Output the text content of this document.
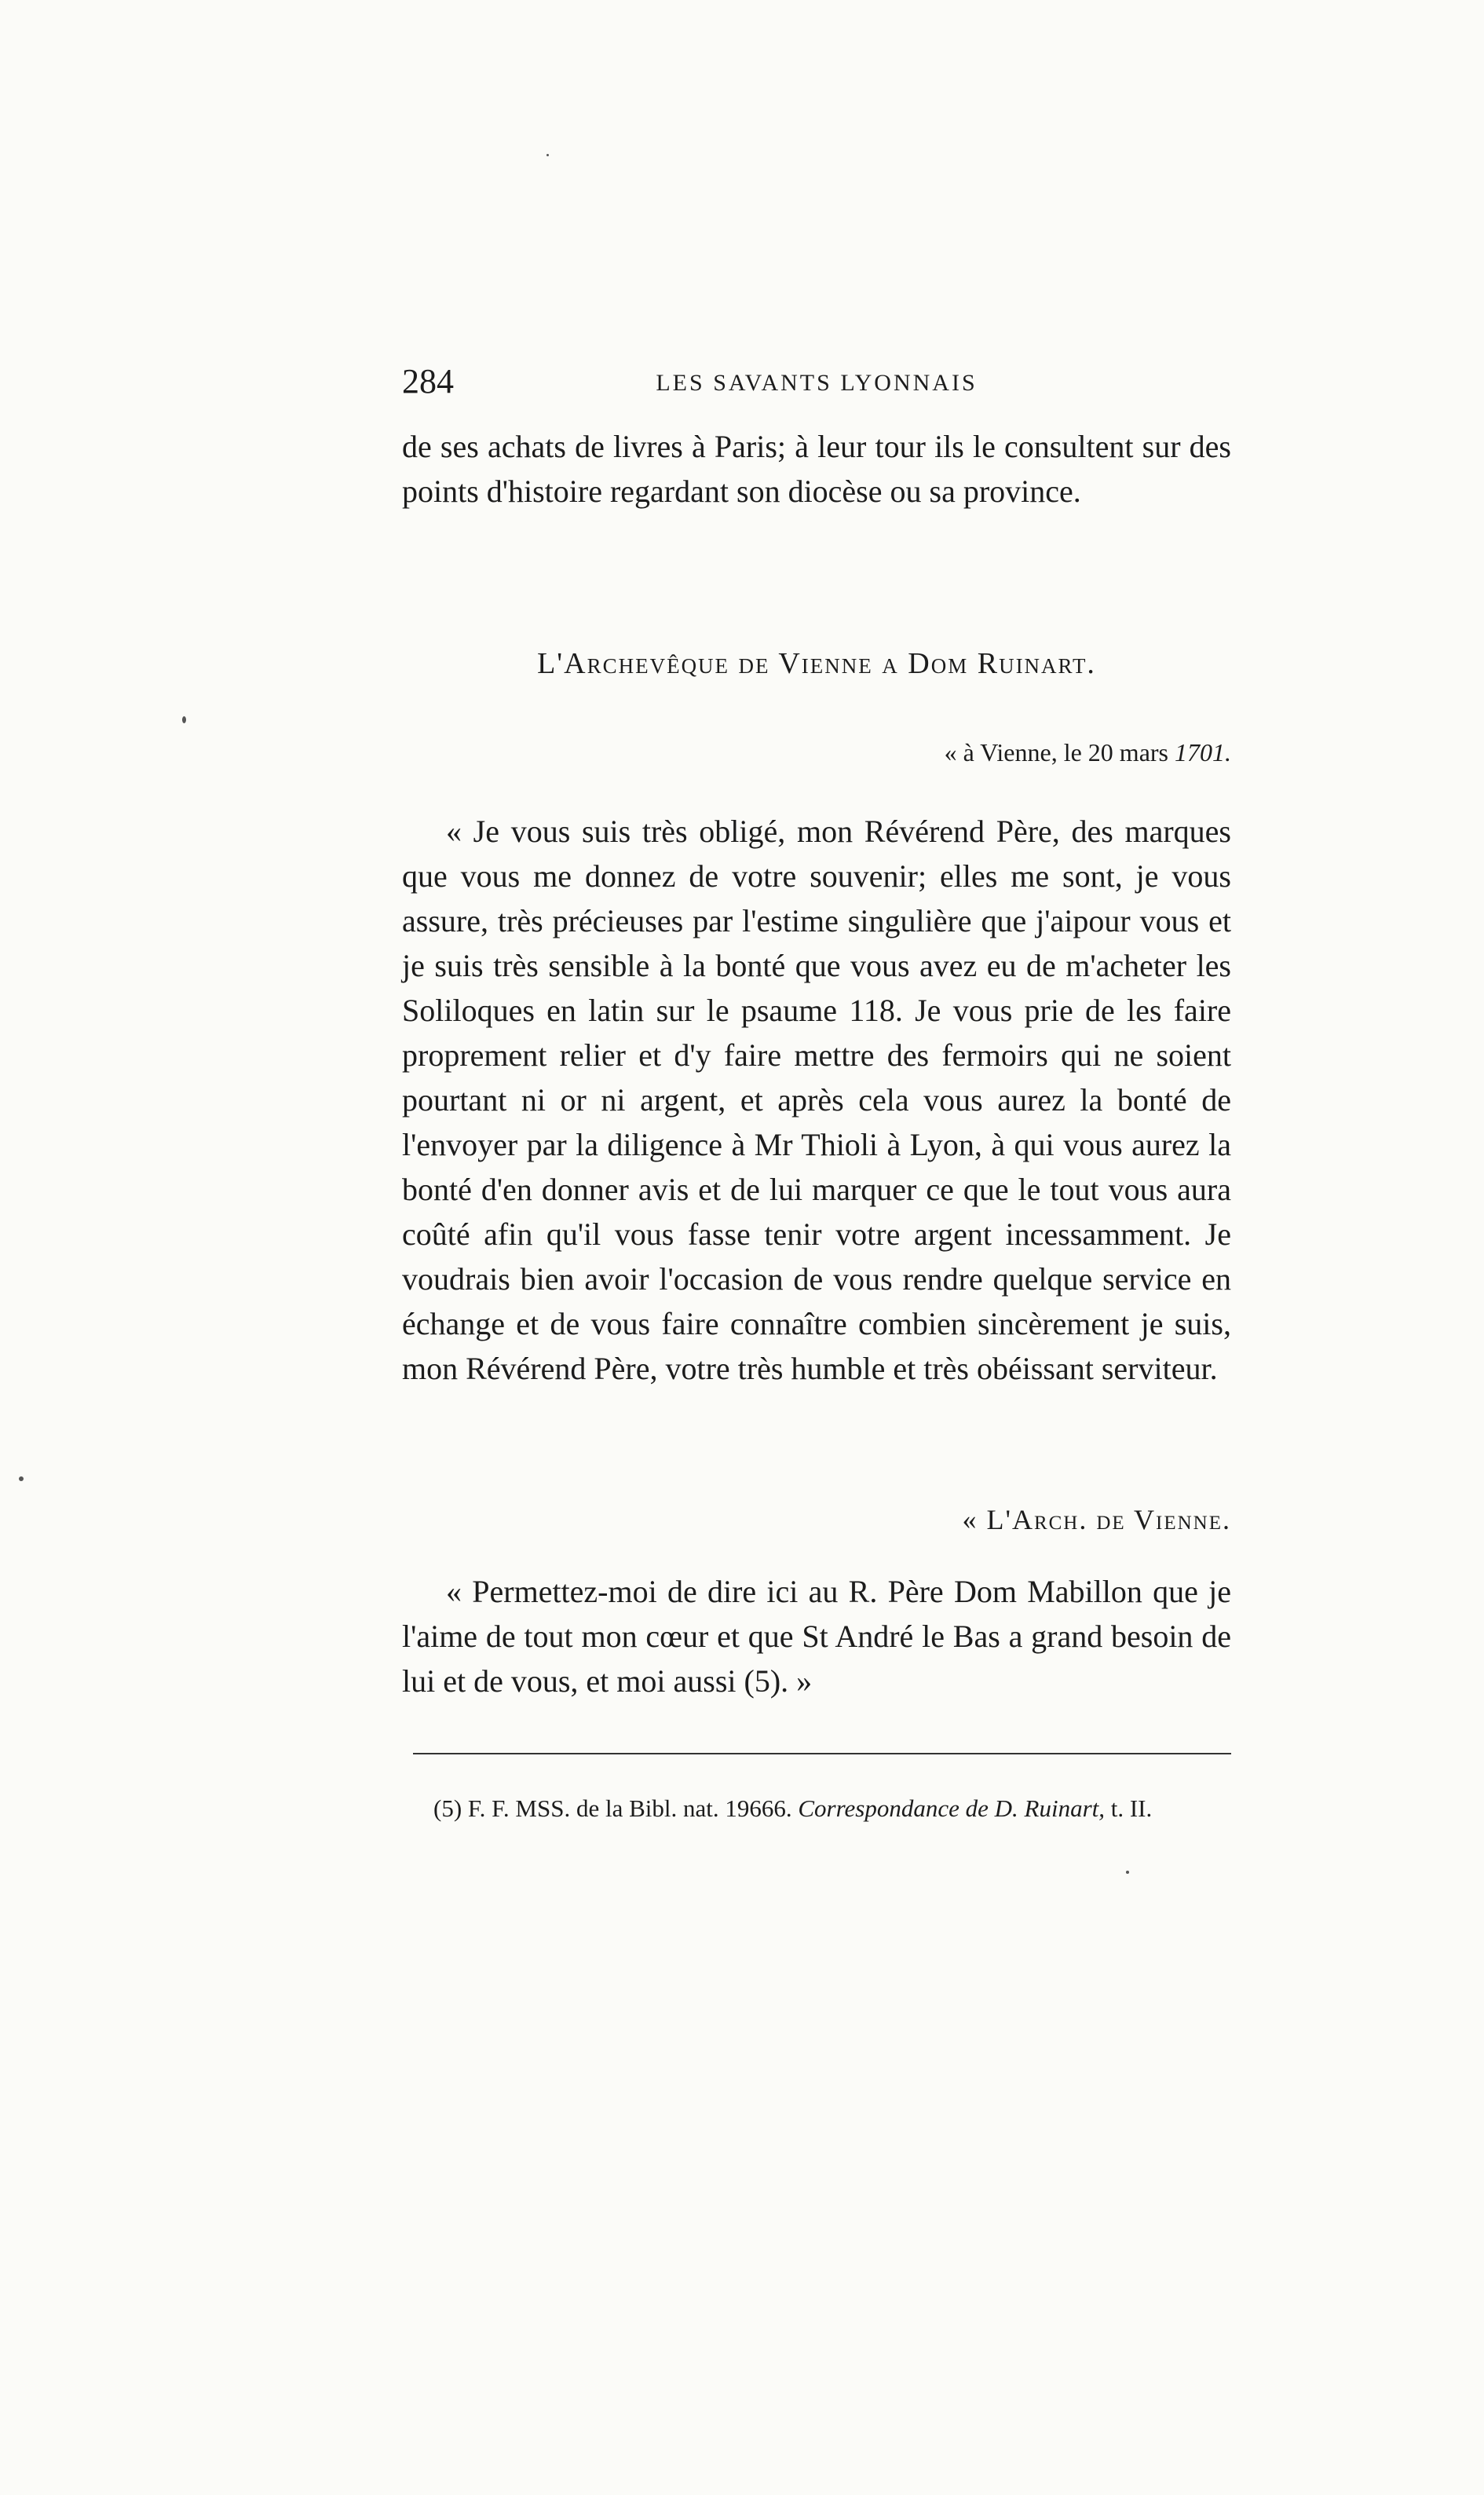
284	LES SAVANTS LYONNAIS

de ses achats de livres à Paris; à leur tour ils le consultent sur des points d'histoire regardant son diocèse ou sa province.

L'Archevêque de Vienne a Dom Ruinart.
« à Vienne, le 20 mars 1701.

« Je vous suis très obligé, mon Révérend Père, des marques que vous me donnez de votre souvenir; elles me sont, je vous assure, très précieuses par l'estime singulière que j'aipour vous et je suis très sensible à la bonté que vous avez eu de m'acheter les Soliloques en latin sur le psaume 118. Je vous prie de les faire proprement relier et d'y faire mettre des fermoirs qui ne soient pourtant ni or ni argent, et après cela vous aurez la bonté de l'envoyer par la diligence à Mr Thioli à Lyon, à qui vous aurez la bonté d'en donner avis et de lui marquer ce que le tout vous aura coûté afin qu'il vous fasse tenir votre argent incessamment. Je voudrais bien avoir l'occasion de vous rendre quelque service en échange et de vous faire connaître combien sincèrement je suis, mon Révérend Père, votre très humble et très obéissant serviteur.

« L'Arch. de Vienne.

« Permettez-moi de dire ici au R. Père Dom Mabillon que je l'aime de tout mon cœur et que St André le Bas a grand besoin de lui et de vous, et moi aussi (5). »

(5) F. F. MSS. de la Bibl. nat. 19666. Correspondance de D. Ruinart, t. II.
